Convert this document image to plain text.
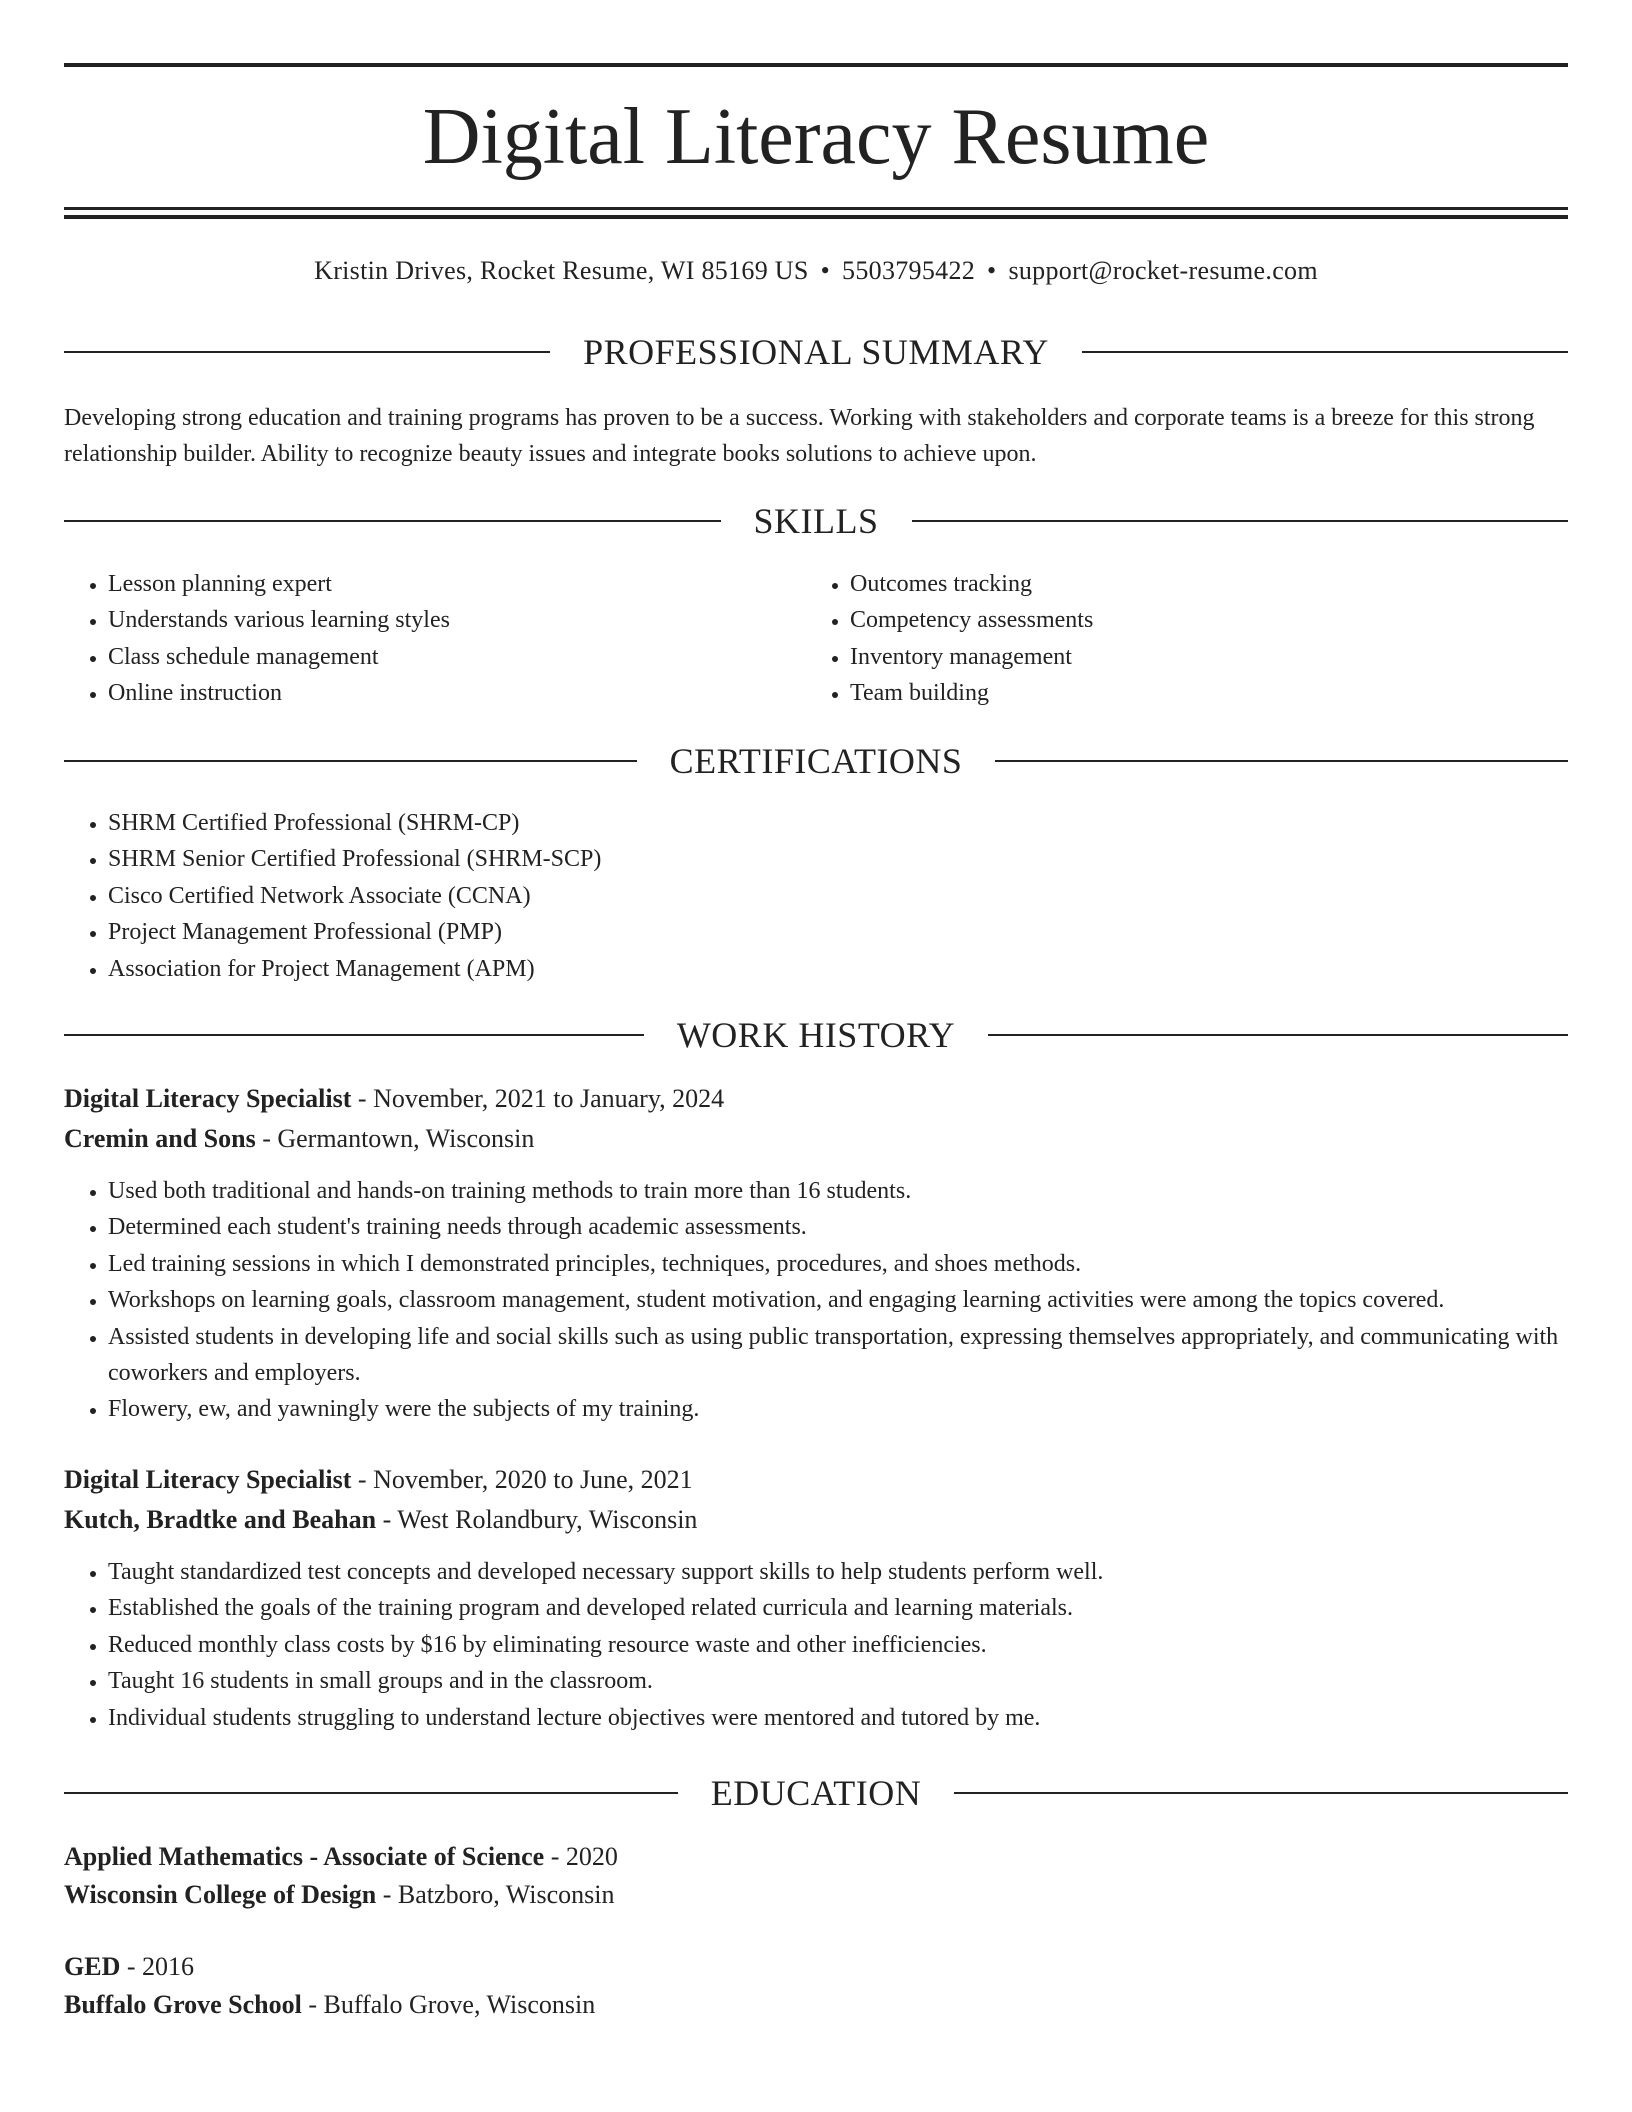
Digital Literacy Resume
Kristin Drives, Rocket Resume, WI 85169 US • 5503795422 • support@rocket-resume.com
PROFESSIONAL SUMMARY

Developing strong education and training programs has proven to be a success. Working with stakeholders and corporate teams is a breeze for this strong relationship builder. Ability to recognize beauty issues and integrate books solutions to achieve upon.

SKILLS
• Lesson planning expert
• Understands various learning styles
• Class schedule management
• Online instruction
• Outcomes tracking
• Competency assessments
• Inventory management
• Team building
CERTIFICATIONS
• SHRM Certified Professional (SHRM-CP)
• SHRM Senior Certified Professional (SHRM-SCP)
• Cisco Certified Network Associate (CCNA)
• Project Management Professional (PMP)
• Association for Project Management (APM)
WORK HISTORY
Digital Literacy Specialist - November, 2021 to January, 2024
Cremin and Sons - Germantown, Wisconsin
• Used both traditional and hands-on training methods to train more than 16 students.
• Determined each student's training needs through academic assessments.
• Led training sessions in which I demonstrated principles, techniques, procedures, and shoes methods.
• Workshops on learning goals, classroom management, student motivation, and engaging learning activities were among the topics covered.
• Assisted students in developing life and social skills such as using public transportation, expressing themselves appropriately, and communicating with coworkers and employers.
• Flowery, ew, and yawningly were the subjects of my training.
Digital Literacy Specialist - November, 2020 to June, 2021
Kutch, Bradtke and Beahan - West Rolandbury, Wisconsin
• Taught standardized test concepts and developed necessary support skills to help students perform well.
• Established the goals of the training program and developed related curricula and learning materials.
• Reduced monthly class costs by $16 by eliminating resource waste and other inefficiencies.
• Taught 16 students in small groups and in the classroom.
• Individual students struggling to understand lecture objectives were mentored and tutored by me.
EDUCATION
Applied Mathematics - Associate of Science - 2020
Wisconsin College of Design - Batzboro, Wisconsin
GED - 2016
Buffalo Grove School - Buffalo Grove, Wisconsin
